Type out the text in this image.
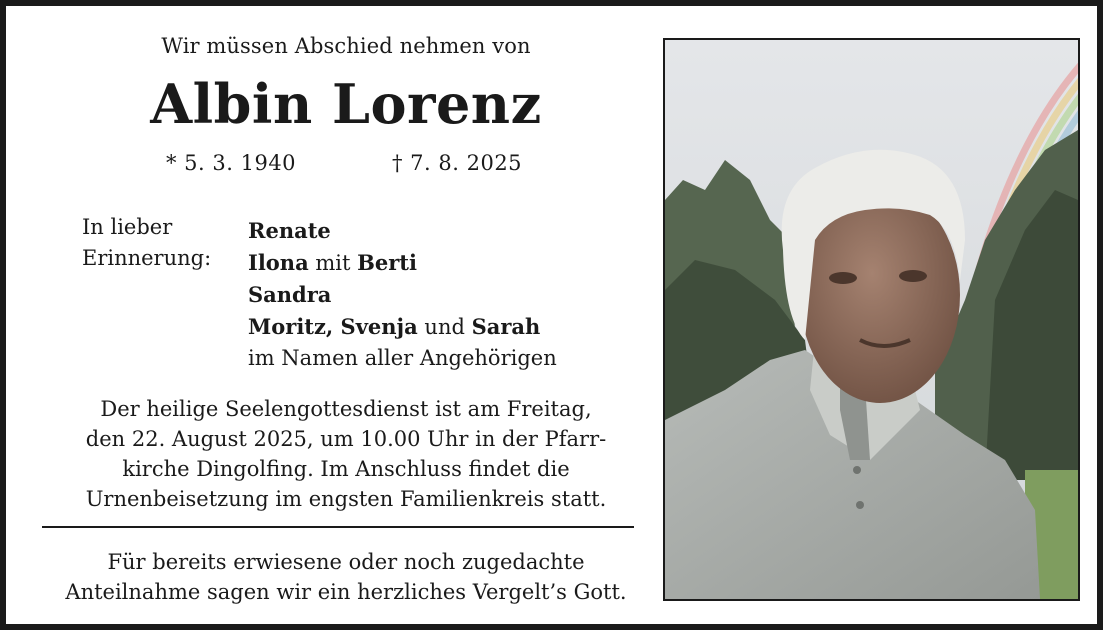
Wir müssen Abschied nehmen von
Albin Lorenz
* 5. 3. 1940	† 7. 8. 2025
In lieber
Erinnerung:
Renate
Ilona mit Berti
Sandra
Moritz, Svenja und Sarah
im Namen aller Angehörigen
Der heilige Seelengottesdienst ist am Freitag,
den 22. August 2025, um 10.00 Uhr in der Pfarr-
kirche Dingolfing. Im Anschluss findet die
Urnenbeisetzung im engsten Familienkreis statt.
Für bereits erwiesene oder noch zugedachte
Anteilnahme sagen wir ein herzliches Vergelt’s Gott.
